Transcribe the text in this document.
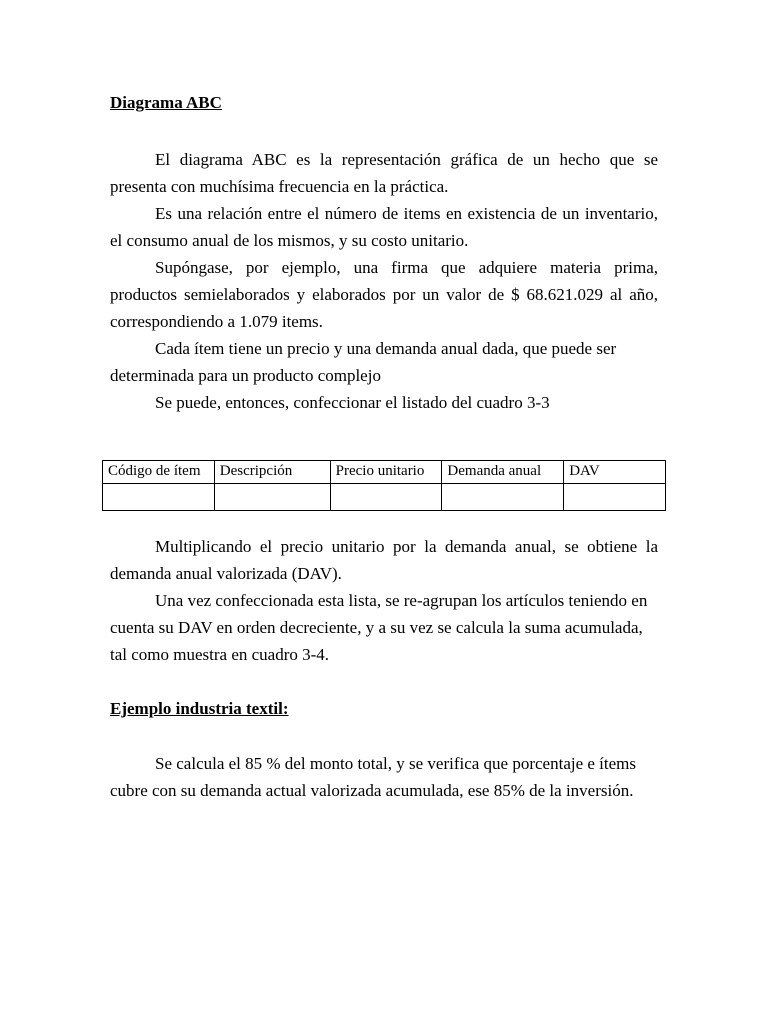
Diagrama ABC

El diagrama ABC es la representación gráfica de un hecho que se presenta con muchísima frecuencia en la práctica.

Es una relación entre el número de items en existencia de un inventario, el consumo anual de los mismos, y su costo unitario.

Supóngase, por ejemplo, una firma que adquiere materia prima, productos semielaborados y elaborados por un valor de $ 68.621.029 al año, correspondiendo a 1.079 items.

Cada ítem tiene un precio y una demanda anual dada, que puede ser determinada para un producto complejo

Se puede, entonces, confeccionar el listado del cuadro 3-3

Código de ítem	Descripción	Precio unitario	Demanda anual	DAV

Multiplicando el precio unitario por la demanda anual, se obtiene la demanda anual valorizada (DAV).

Una vez confeccionada esta lista, se re-agrupan los artículos teniendo en cuenta su DAV en orden decreciente, y a su vez se calcula la suma acumulada, tal como muestra en cuadro 3-4.

Ejemplo industria textil:

Se calcula el 85 % del monto total, y se verifica que porcentaje e ítems cubre con su demanda actual valorizada acumulada, ese 85% de la inversión.
